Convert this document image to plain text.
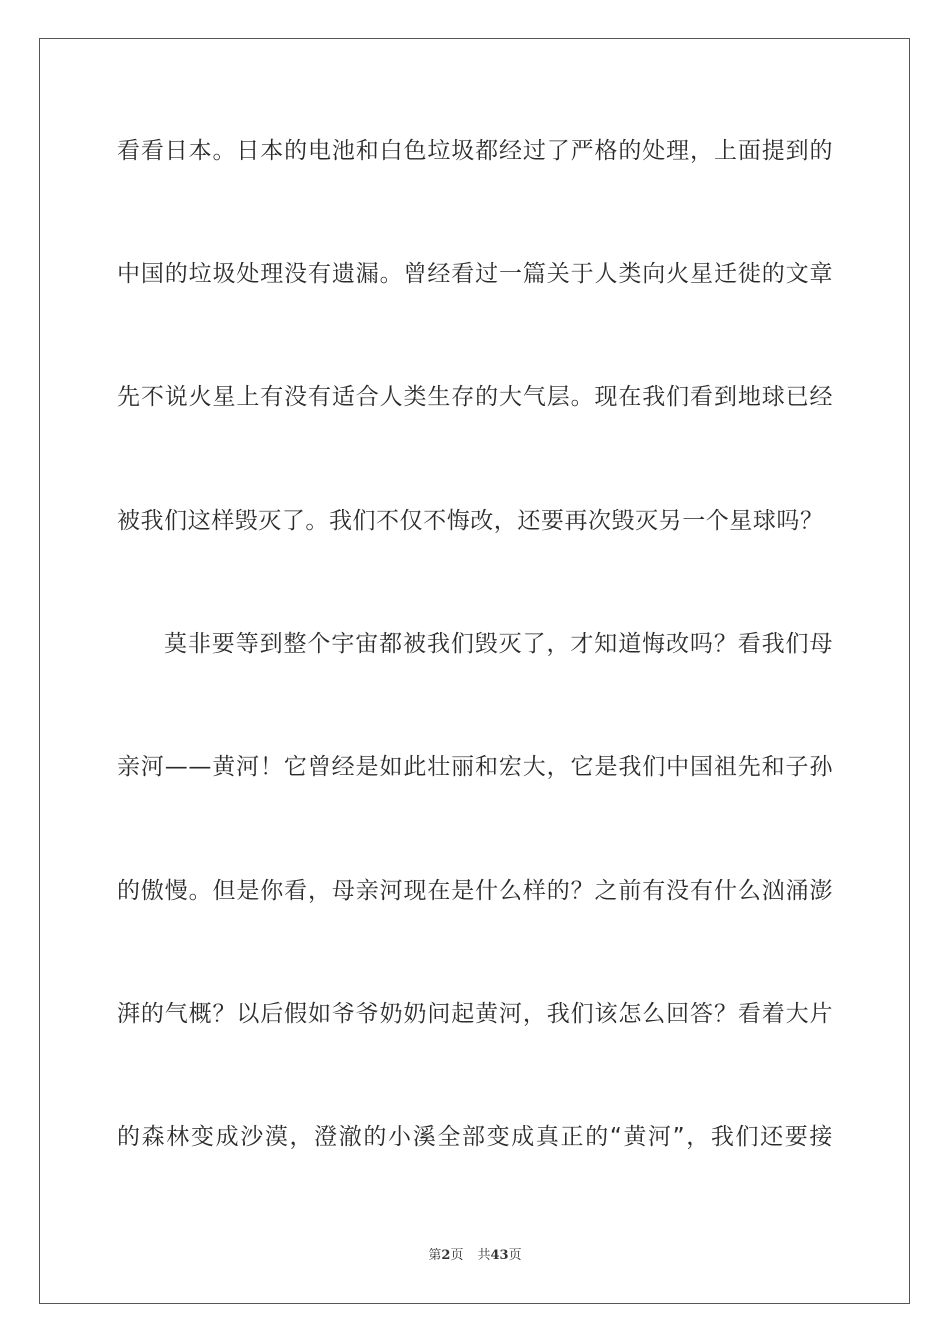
看看日本。日本的电池和白色垃圾都经过了严格的处理，上面提到的
中国的垃圾处理没有遗漏。曾经看过一篇关于人类向火星迁徙的文章
先不说火星上有没有适合人类生存的大气层。现在我们看到地球已经
被我们这样毁灭了。我们不仅不悔改，还要再次毁灭另一个星球吗？
莫非要等到整个宇宙都被我们毁灭了，才知道悔改吗？看我们母
亲河——黄河！它曾经是如此壮丽和宏大，它是我们中国祖先和子孙
的傲慢。但是你看，母亲河现在是什么样的？之前有没有什么汹涌澎
湃的气概？以后假如爷爷奶奶问起黄河，我们该怎么回答？看着大片
的森林变成沙漠，澄澈的小溪全部变成真正的“黄河”，我们还要接
第2页 共43页
